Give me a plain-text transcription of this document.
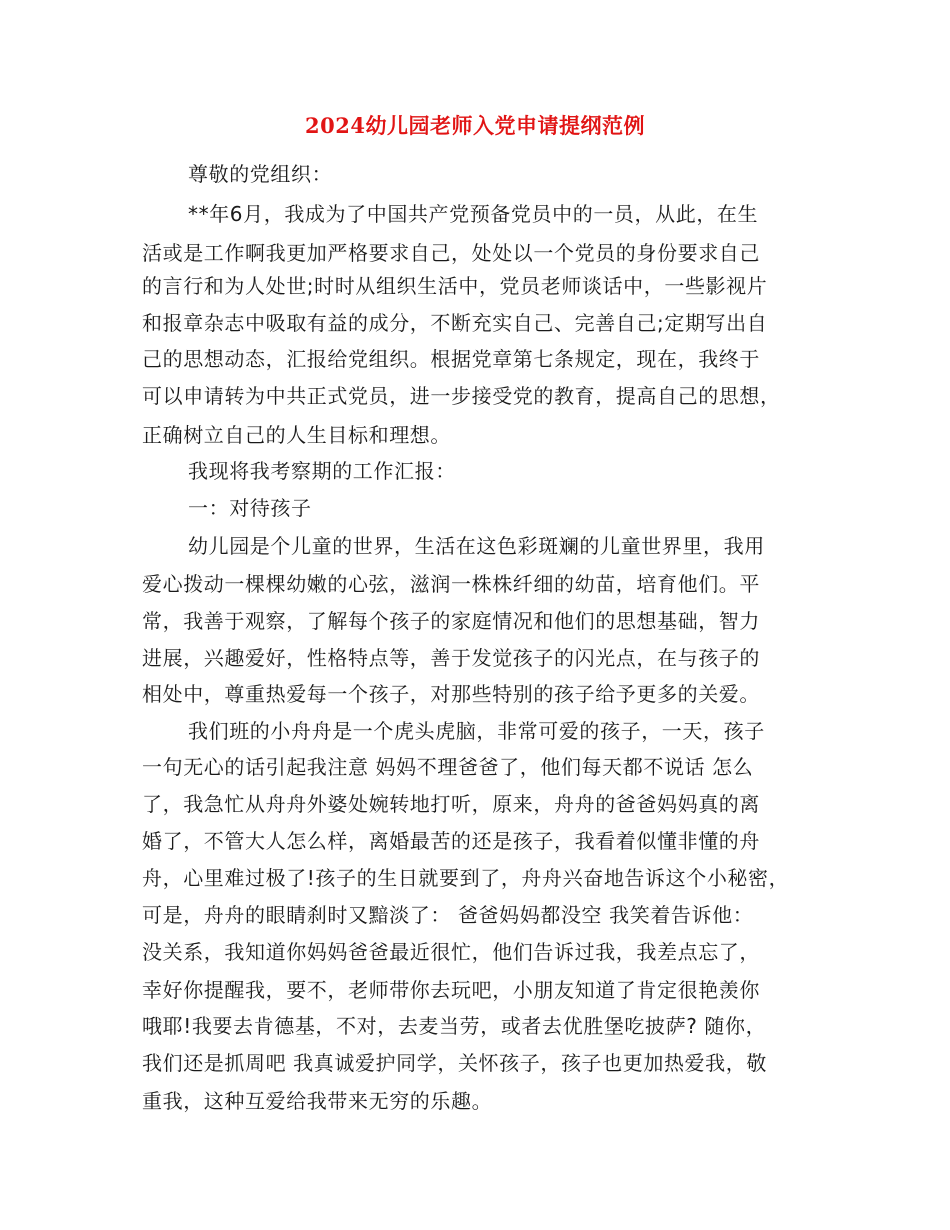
2024幼儿园老师入党申请提纲范例
尊敬的党组织：
**年6月，我成为了中国共产党预备党员中的一员，从此，在生
活或是工作啊我更加严格要求自己，处处以一个党员的身份要求自己
的言行和为人处世;时时从组织生活中，党员老师谈话中，一些影视片
和报章杂志中吸取有益的成分，不断充实自己、完善自己;定期写出自
己的思想动态，汇报给党组织。根据党章第七条规定，现在，我终于
可以申请转为中共正式党员，进一步接受党的教育，提高自己的思想，
正确树立自己的人生目标和理想。
我现将我考察期的工作汇报：
一：对待孩子
幼儿园是个儿童的世界，生活在这色彩斑斓的儿童世界里，我用
爱心拨动一棵棵幼嫩的心弦，滋润一株株纤细的幼苗，培育他们。平
常，我善于观察，了解每个孩子的家庭情况和他们的思想基础，智力
进展，兴趣爱好，性格特点等，善于发觉孩子的闪光点，在与孩子的
相处中，尊重热爱每一个孩子，对那些特别的孩子给予更多的关爱。
我们班的小舟舟是一个虎头虎脑，非常可爱的孩子，一天，孩子
一句无心的话引起我注意 妈妈不理爸爸了，他们每天都不说话 怎么
了，我急忙从舟舟外婆处婉转地打听，原来，舟舟的爸爸妈妈真的离
婚了，不管大人怎么样，离婚最苦的还是孩子，我看着似懂非懂的舟
舟，心里难过极了!孩子的生日就要到了，舟舟兴奋地告诉这个小秘密，
可是，舟舟的眼睛刹时又黯淡了： 爸爸妈妈都没空 我笑着告诉他：
没关系，我知道你妈妈爸爸最近很忙，他们告诉过我，我差点忘了，
幸好你提醒我，要不，老师带你去玩吧，小朋友知道了肯定很艳羡你
哦耶!我要去肯德基，不对，去麦当劳，或者去优胜堡吃披萨? 随你，
我们还是抓周吧 我真诚爱护同学，关怀孩子，孩子也更加热爱我，敬
重我，这种互爱给我带来无穷的乐趣。
